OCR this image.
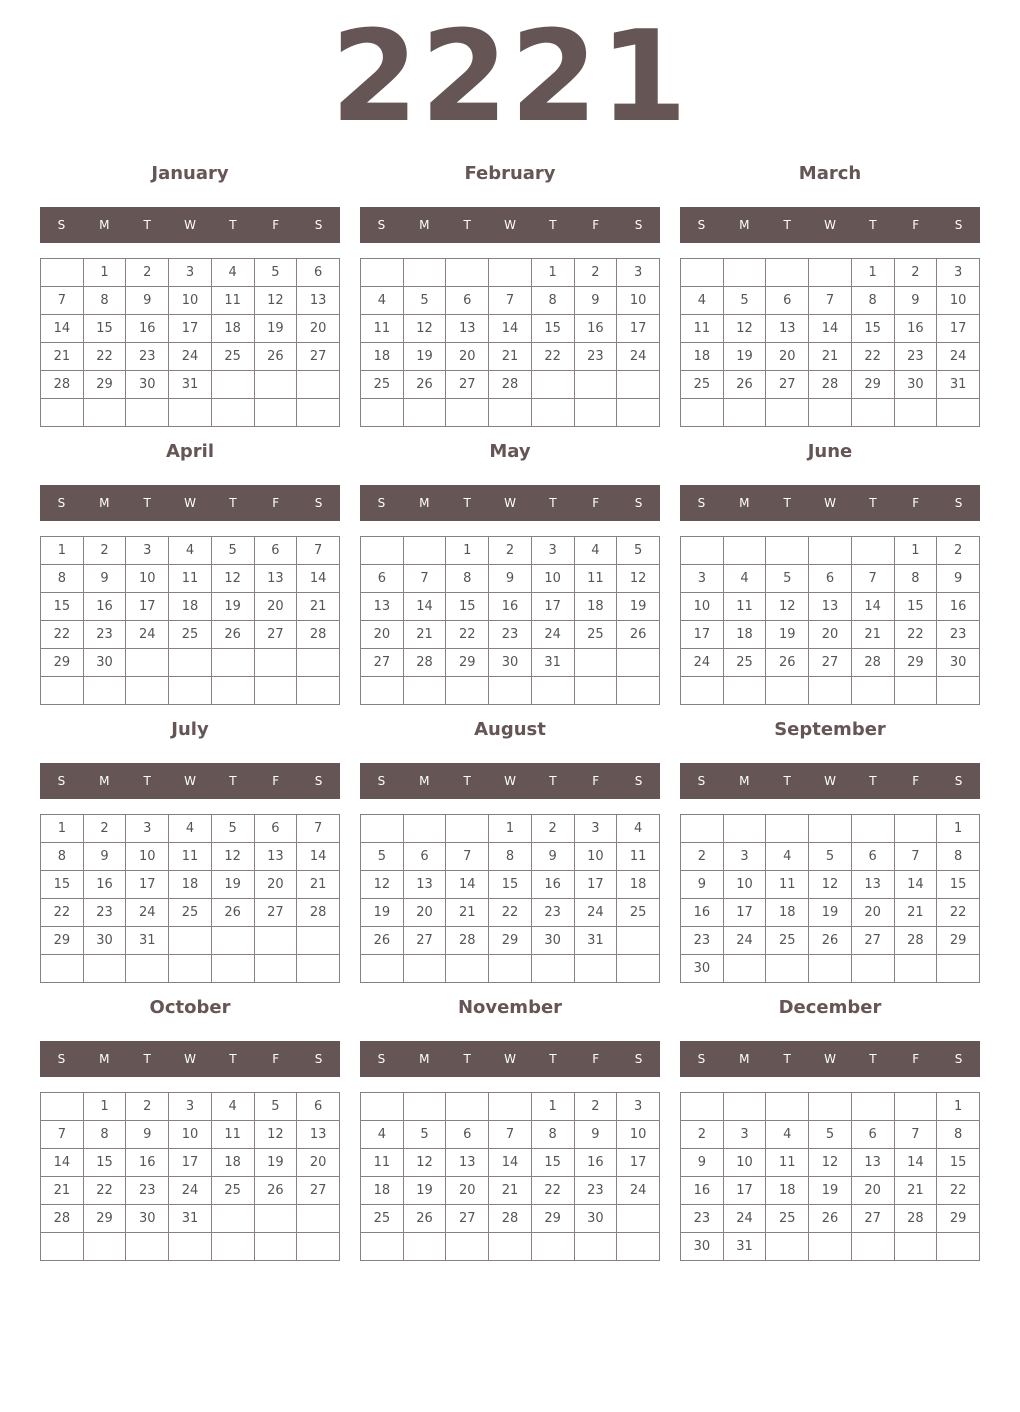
2221
January
S	M	T	W	T	F	S
	1	2	3	4	5	6
7	8	9	10	11	12	13
14	15	16	17	18	19	20
21	22	23	24	25	26	27
28	29	30	31			

February
S	M	T	W	T	F	S
				1	2	3
4	5	6	7	8	9	10
11	12	13	14	15	16	17
18	19	20	21	22	23	24
25	26	27	28			

March
S	M	T	W	T	F	S
				1	2	3
4	5	6	7	8	9	10
11	12	13	14	15	16	17
18	19	20	21	22	23	24
25	26	27	28	29	30	31

April
S	M	T	W	T	F	S
1	2	3	4	5	6	7
8	9	10	11	12	13	14
15	16	17	18	19	20	21
22	23	24	25	26	27	28
29	30					

May
S	M	T	W	T	F	S
		1	2	3	4	5
6	7	8	9	10	11	12
13	14	15	16	17	18	19
20	21	22	23	24	25	26
27	28	29	30	31		

June
S	M	T	W	T	F	S
					1	2
3	4	5	6	7	8	9
10	11	12	13	14	15	16
17	18	19	20	21	22	23
24	25	26	27	28	29	30

July
S	M	T	W	T	F	S
1	2	3	4	5	6	7
8	9	10	11	12	13	14
15	16	17	18	19	20	21
22	23	24	25	26	27	28
29	30	31				

August
S	M	T	W	T	F	S
			1	2	3	4
5	6	7	8	9	10	11
12	13	14	15	16	17	18
19	20	21	22	23	24	25
26	27	28	29	30	31	

September
S	M	T	W	T	F	S
						1
2	3	4	5	6	7	8
9	10	11	12	13	14	15
16	17	18	19	20	21	22
23	24	25	26	27	28	29
30						
October
S	M	T	W	T	F	S
	1	2	3	4	5	6
7	8	9	10	11	12	13
14	15	16	17	18	19	20
21	22	23	24	25	26	27
28	29	30	31			

November
S	M	T	W	T	F	S
				1	2	3
4	5	6	7	8	9	10
11	12	13	14	15	16	17
18	19	20	21	22	23	24
25	26	27	28	29	30	

December
S	M	T	W	T	F	S
						1
2	3	4	5	6	7	8
9	10	11	12	13	14	15
16	17	18	19	20	21	22
23	24	25	26	27	28	29
30	31					
